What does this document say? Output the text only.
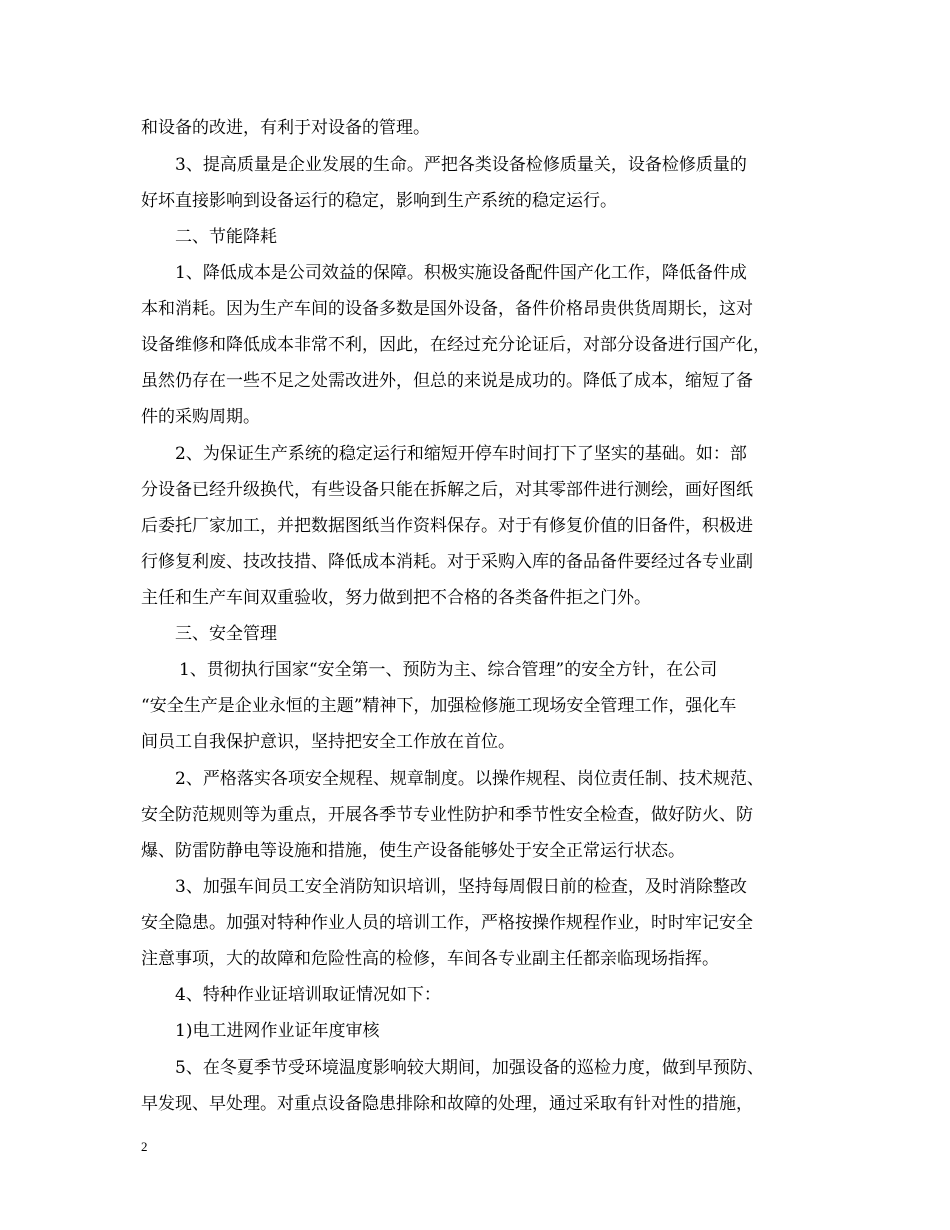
和设备的改进，有利于对设备的管理。
3、提高质量是企业发展的生命。严把各类设备检修质量关，设备检修质量的
好坏直接影响到设备运行的稳定，影响到生产系统的稳定运行。
二、节能降耗
1、降低成本是公司效益的保障。积极实施设备配件国产化工作，降低备件成
本和消耗。因为生产车间的设备多数是国外设备，备件价格昂贵供货周期长，这对
设备维修和降低成本非常不利，因此，在经过充分论证后，对部分设备进行国产化，
虽然仍存在一些不足之处需改进外，但总的来说是成功的。降低了成本，缩短了备
件的采购周期。
2、为保证生产系统的稳定运行和缩短开停车时间打下了坚实的基础。如：部
分设备已经升级换代，有些设备只能在拆解之后，对其零部件进行测绘，画好图纸
后委托厂家加工，并把数据图纸当作资料保存。对于有修复价值的旧备件，积极进
行修复利废、技改技措、降低成本消耗。对于采购入库的备品备件要经过各专业副
主任和生产车间双重验收，努力做到把不合格的各类备件拒之门外。
三、安全管理
1、贯彻执行国家“安全第一、预防为主、综合管理”的安全方针，在公司
“安全生产是企业永恒的主题”精神下，加强检修施工现场安全管理工作，强化车
间员工自我保护意识，坚持把安全工作放在首位。
2、严格落实各项安全规程、规章制度。以操作规程、岗位责任制、技术规范、
安全防范规则等为重点，开展各季节专业性防护和季节性安全检查，做好防火、防
爆、防雷防静电等设施和措施，使生产设备能够处于安全正常运行状态。
3、加强车间员工安全消防知识培训，坚持每周假日前的检查，及时消除整改
安全隐患。加强对特种作业人员的培训工作，严格按操作规程作业，时时牢记安全
注意事项，大的故障和危险性高的检修，车间各专业副主任都亲临现场指挥。
4、特种作业证培训取证情况如下：
1)电工进网作业证年度审核
5、在冬夏季节受环境温度影响较大期间，加强设备的巡检力度，做到早预防、
早发现、早处理。对重点设备隐患排除和故障的处理，通过采取有针对性的措施，
2
